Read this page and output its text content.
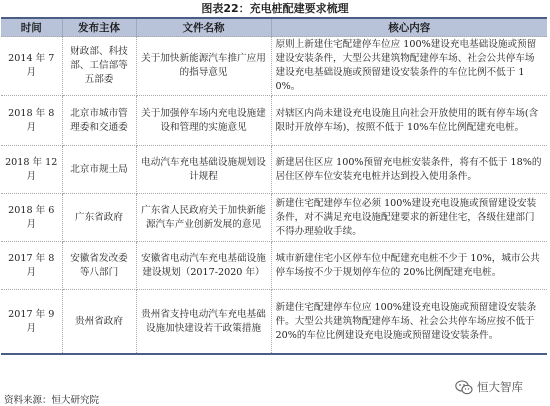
图表22：充电桩配建要求梳理
时间	发布主体	文件名称	核心内容
2014 年 7 月	财政部、科技部、工信部等五部委	关于加快新能源汽车推广应用的指导意见	原则上新建住宅配建停车位应 100%建设充电基础设施或预留建设安装条件，大型公共建筑物配建停车场、社会公共停车场建设充电基础设施或预留建设安装条件的车位比例不低于 10%。
2018 年 8 月	北京市城市管理委和交通委	关于加强停车场内充电设施建设和管理的实施意见	对辖区内尚未建设充电设施且向社会开放使用的既有停车场(含限时开放停车场)，按照不低于 10%车位比例配建充电桩。
2018 年 12 月	北京市规土局	电动汽车充电基础设施规划设计规程	新建居住区应 100%预留充电桩安装条件，将有不低于 18%的居住区停车位安装充电桩并达到投入使用条件。
2018 年 6 月	广东省政府	广东省人民政府关于加快新能源汽车产业创新发展的意见	新建住宅配建停车位必须 100%建设充电设施或预留建设安装条件，对不满足充电设施配建要求的新建住宅，各级住建部门不得办理验收手续。
2017 年 8 月	安徽省发改委等八部门	安徽省电动汽车充电基础设施建设规划（2017-2020 年）	城市新建住宅小区停车位中配建充电桩不少于 10%，城市公共停车场按不少于规划停车位的 20%比例配建充电桩。
2017 年 9 月	贵州省政府	贵州省支持电动汽车充电基础设施加快建设若干政策措施	新建住宅配建停车位应 100%建设充电设施或预留建设安装条件。大型公共建筑物配建停车场、社会公共停车场应按不低于 20%的车位比例建设充电设施或预留建设安装条件。
资料来源：恒大研究院
恒大智库
